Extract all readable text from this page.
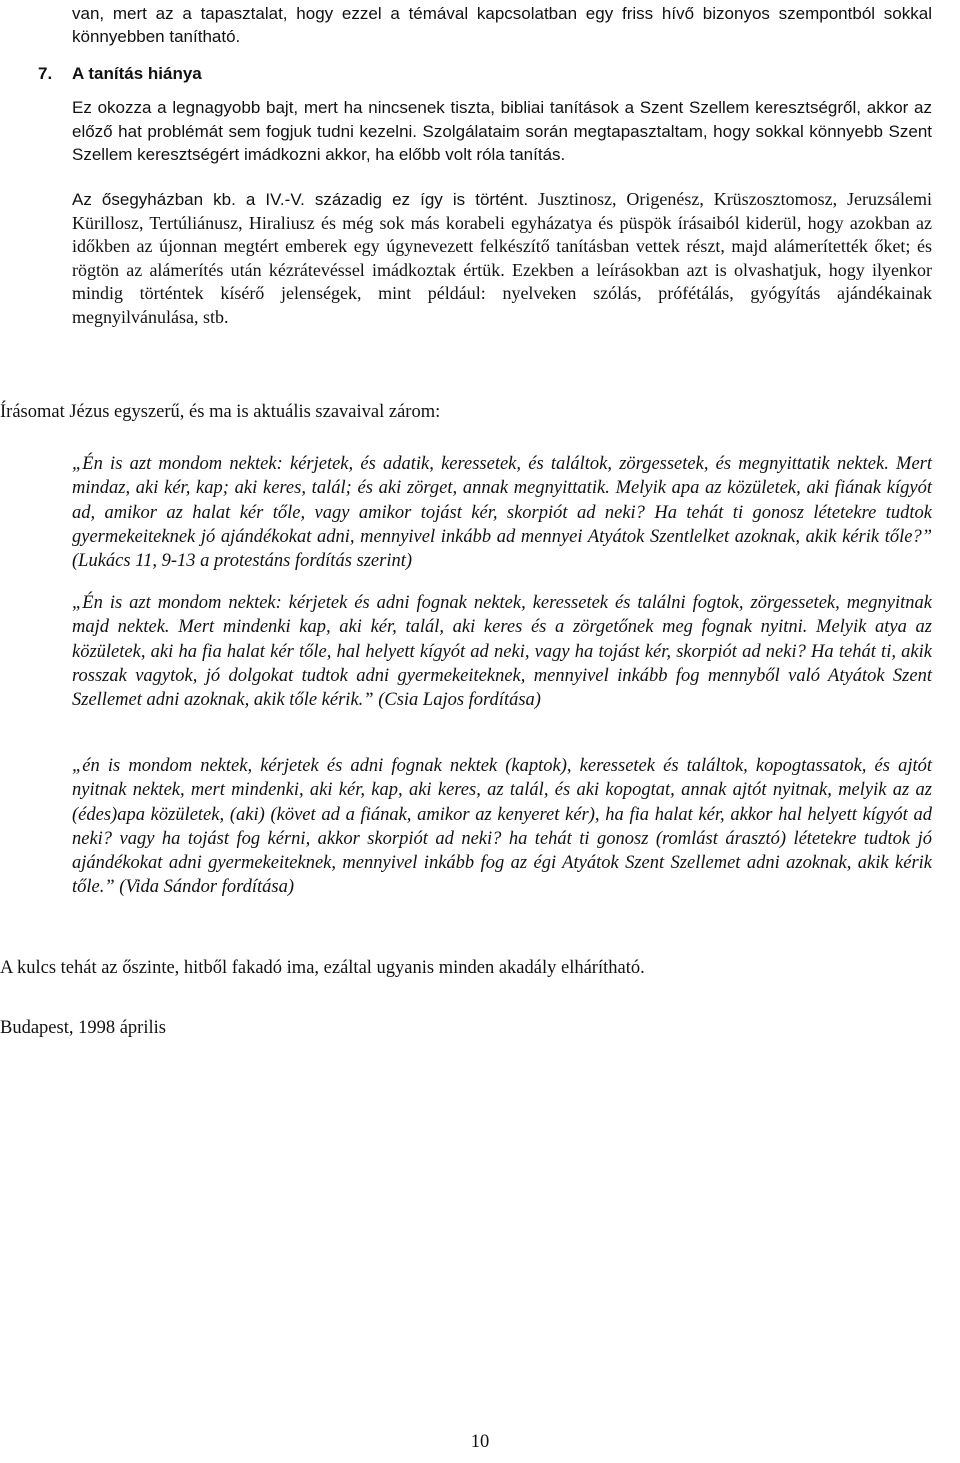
van, mert az a tapasztalat, hogy ezzel a témával kapcsolatban egy friss hívő bizonyos szempontból sokkal könnyebben tanítható.

7. A tanítás hiánya

Ez okozza a legnagyobb bajt, mert ha nincsenek tiszta, bibliai tanítások a Szent Szellem keresztségről, akkor az előző hat problémát sem fogjuk tudni kezelni. Szolgálataim során megtapasztaltam, hogy sokkal könnyebb Szent Szellem keresztségért imádkozni akkor, ha előbb volt róla tanítás.

Az ősegyházban kb. a IV.-V. századig ez így is történt. Jusztinosz, Origenész, Krüszosztomosz, Jeruzsálemi Kürillosz, Tertúliánusz, Hiraliusz és még sok más korabeli egyházatya és püspök írásaiból kiderül, hogy azokban az időkben az újonnan megtért emberek egy úgynevezett felkészítő tanításban vettek részt, majd alámerítették őket; és rögtön az alámerítés után kézrátevéssel imádkoztak értük. Ezekben a leírásokban azt is olvashatjuk, hogy ilyenkor mindig történtek kísérő jelenségek, mint például: nyelveken szólás, prófétálás, gyógyítás ajándékainak megnyilvánulása, stb.

Írásomat Jézus egyszerű, és ma is aktuális szavaival zárom:

„Én is azt mondom nektek: kérjetek, és adatik, keressetek, és találtok, zörgessetek, és megnyittatik nektek. Mert mindaz, aki kér, kap; aki keres, talál; és aki zörget, annak megnyittatik. Melyik apa az közületek, aki fiának kígyót ad, amikor az halat kér tőle, vagy amikor tojást kér, skorpiót ad neki? Ha tehát ti gonosz létetekre tudtok gyermekeiteknek jó ajándékokat adni, mennyivel inkább ad mennyei Atyátok Szentlelket azoknak, akik kérik tőle?” (Lukács 11, 9-13 a protestáns fordítás szerint)

„Én is azt mondom nektek: kérjetek és adni fognak nektek, keressetek és találni fogtok, zörgessetek, megnyitnak majd nektek. Mert mindenki kap, aki kér, talál, aki keres és a zörgetőnek meg fognak nyitni. Melyik atya az közületek, aki ha fia halat kér tőle, hal helyett kígyót ad neki, vagy ha tojást kér, skorpiót ad neki? Ha tehát ti, akik rosszak vagytok, jó dolgokat tudtok adni gyermekeiteknek, mennyivel inkább fog mennyből való Atyátok Szent Szellemet adni azoknak, akik tőle kérik.” (Csia Lajos fordítása)

„én is mondom nektek, kérjetek és adni fognak nektek (kaptok), keressetek és találtok, kopogtassatok, és ajtót nyitnak nektek, mert mindenki, aki kér, kap, aki keres, az talál, és aki kopogtat, annak ajtót nyitnak, melyik az az (édes)apa közületek, (aki) (követ ad a fiának, amikor az kenyeret kér), ha fia halat kér, akkor hal helyett kígyót ad neki? vagy ha tojást fog kérni, akkor skorpiót ad neki? ha tehát ti gonosz (romlást árasztó) létetekre tudtok jó ajándékokat adni gyermekeiteknek, mennyivel inkább fog az égi Atyátok Szent Szellemet adni azoknak, akik kérik tőle.” (Vida Sándor fordítása)

A kulcs tehát az őszinte, hitből fakadó ima, ezáltal ugyanis minden akadály elhárítható.

Budapest, 1998 április

10
